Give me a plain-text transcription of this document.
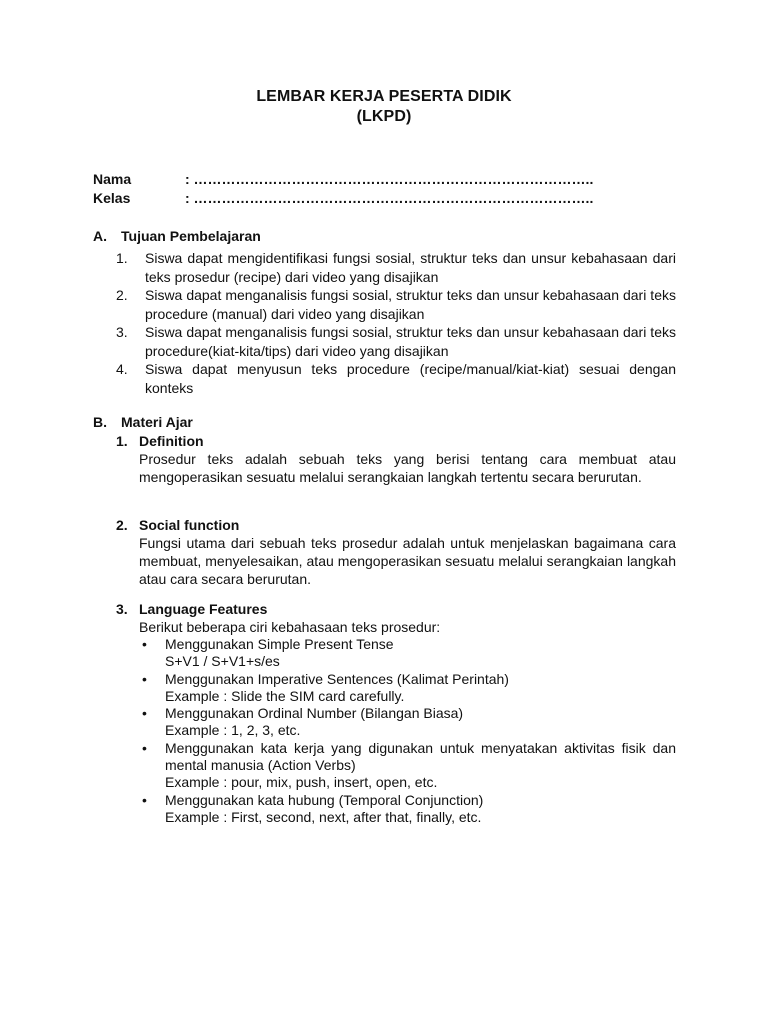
LEMBAR KERJA PESERTA DIDIK
(LKPD)
Nama	: …………………………………………………………………………..
Kelas	: …………………………………………………………………………..
A. Tujuan Pembelajaran
1.	Siswa dapat mengidentifikasi fungsi sosial, struktur teks dan unsur kebahasaan dari teks prosedur (recipe) dari video yang disajikan
2.	Siswa dapat menganalisis fungsi sosial, struktur teks dan unsur kebahasaan dari teks procedure (manual) dari video yang disajikan
3.	Siswa dapat menganalisis fungsi sosial, struktur teks dan unsur kebahasaan dari teks procedure(kiat-kita/tips) dari video yang disajikan
4.	Siswa dapat menyusun teks procedure (recipe/manual/kiat-kiat) sesuai dengan konteks
B. Materi Ajar
1. Definition
Prosedur teks adalah sebuah teks yang berisi tentang cara membuat atau mengoperasikan sesuatu melalui serangkaian langkah tertentu secara berurutan.
2. Social function
Fungsi utama dari sebuah teks prosedur adalah untuk menjelaskan bagaimana cara membuat, menyelesaikan, atau mengoperasikan sesuatu melalui serangkaian langkah atau cara secara berurutan.
3. Language Features
Berikut beberapa ciri kebahasaan teks prosedur:
•	Menggunakan Simple Present Tense
S+V1 / S+V1+s/es
•	Menggunakan Imperative Sentences (Kalimat Perintah)
Example : Slide the SIM card carefully.
•	Menggunakan Ordinal Number (Bilangan Biasa)
Example : 1, 2, 3, etc.
•	Menggunakan kata kerja yang digunakan untuk menyatakan aktivitas fisik dan mental manusia (Action Verbs)
Example : pour, mix, push, insert, open, etc.
•	Menggunakan kata hubung (Temporal Conjunction)
Example : First, second, next, after that, finally, etc.
